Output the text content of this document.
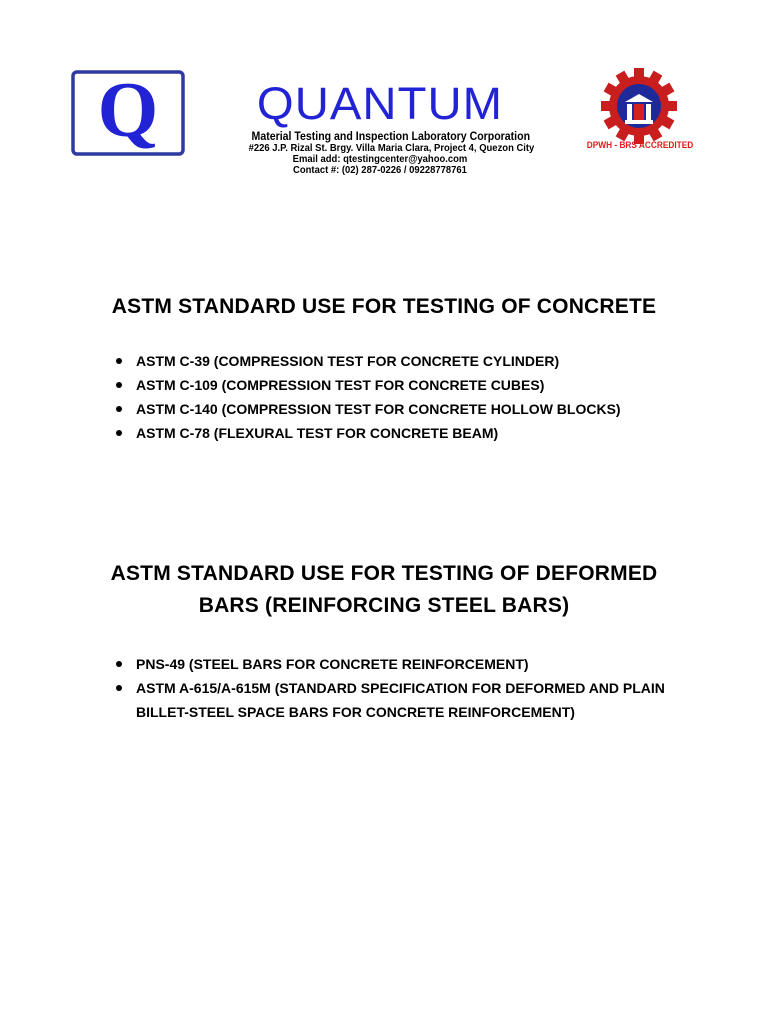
Q	QUANTUM

Material Testing and Inspection Laboratory Corporation

#226 J.P. Rizal St. Brgy. Villa Maria Clara, Project 4, Quezon City

Email add: qtestingcenter@yahoo.com

Contact #: (02) 287-0226 / 09228778761

DPWH - BRS ACCREDITED
ASTM STANDARD USE FOR TESTING OF CONCRETE
ASTM C-39 (COMPRESSION TEST FOR CONCRETE CYLINDER)
ASTM C-109 (COMPRESSION TEST FOR CONCRETE CUBES)
ASTM C-140 (COMPRESSION TEST FOR CONCRETE HOLLOW BLOCKS)
ASTM C-78 (FLEXURAL TEST FOR CONCRETE BEAM)
ASTM STANDARD USE FOR TESTING OF DEFORMED
BARS (REINFORCING STEEL BARS)
PNS-49 (STEEL BARS FOR CONCRETE REINFORCEMENT)
ASTM A-615/A-615M (STANDARD SPECIFICATION FOR DEFORMED AND PLAIN BILLET-STEEL SPACE BARS FOR CONCRETE REINFORCEMENT)
